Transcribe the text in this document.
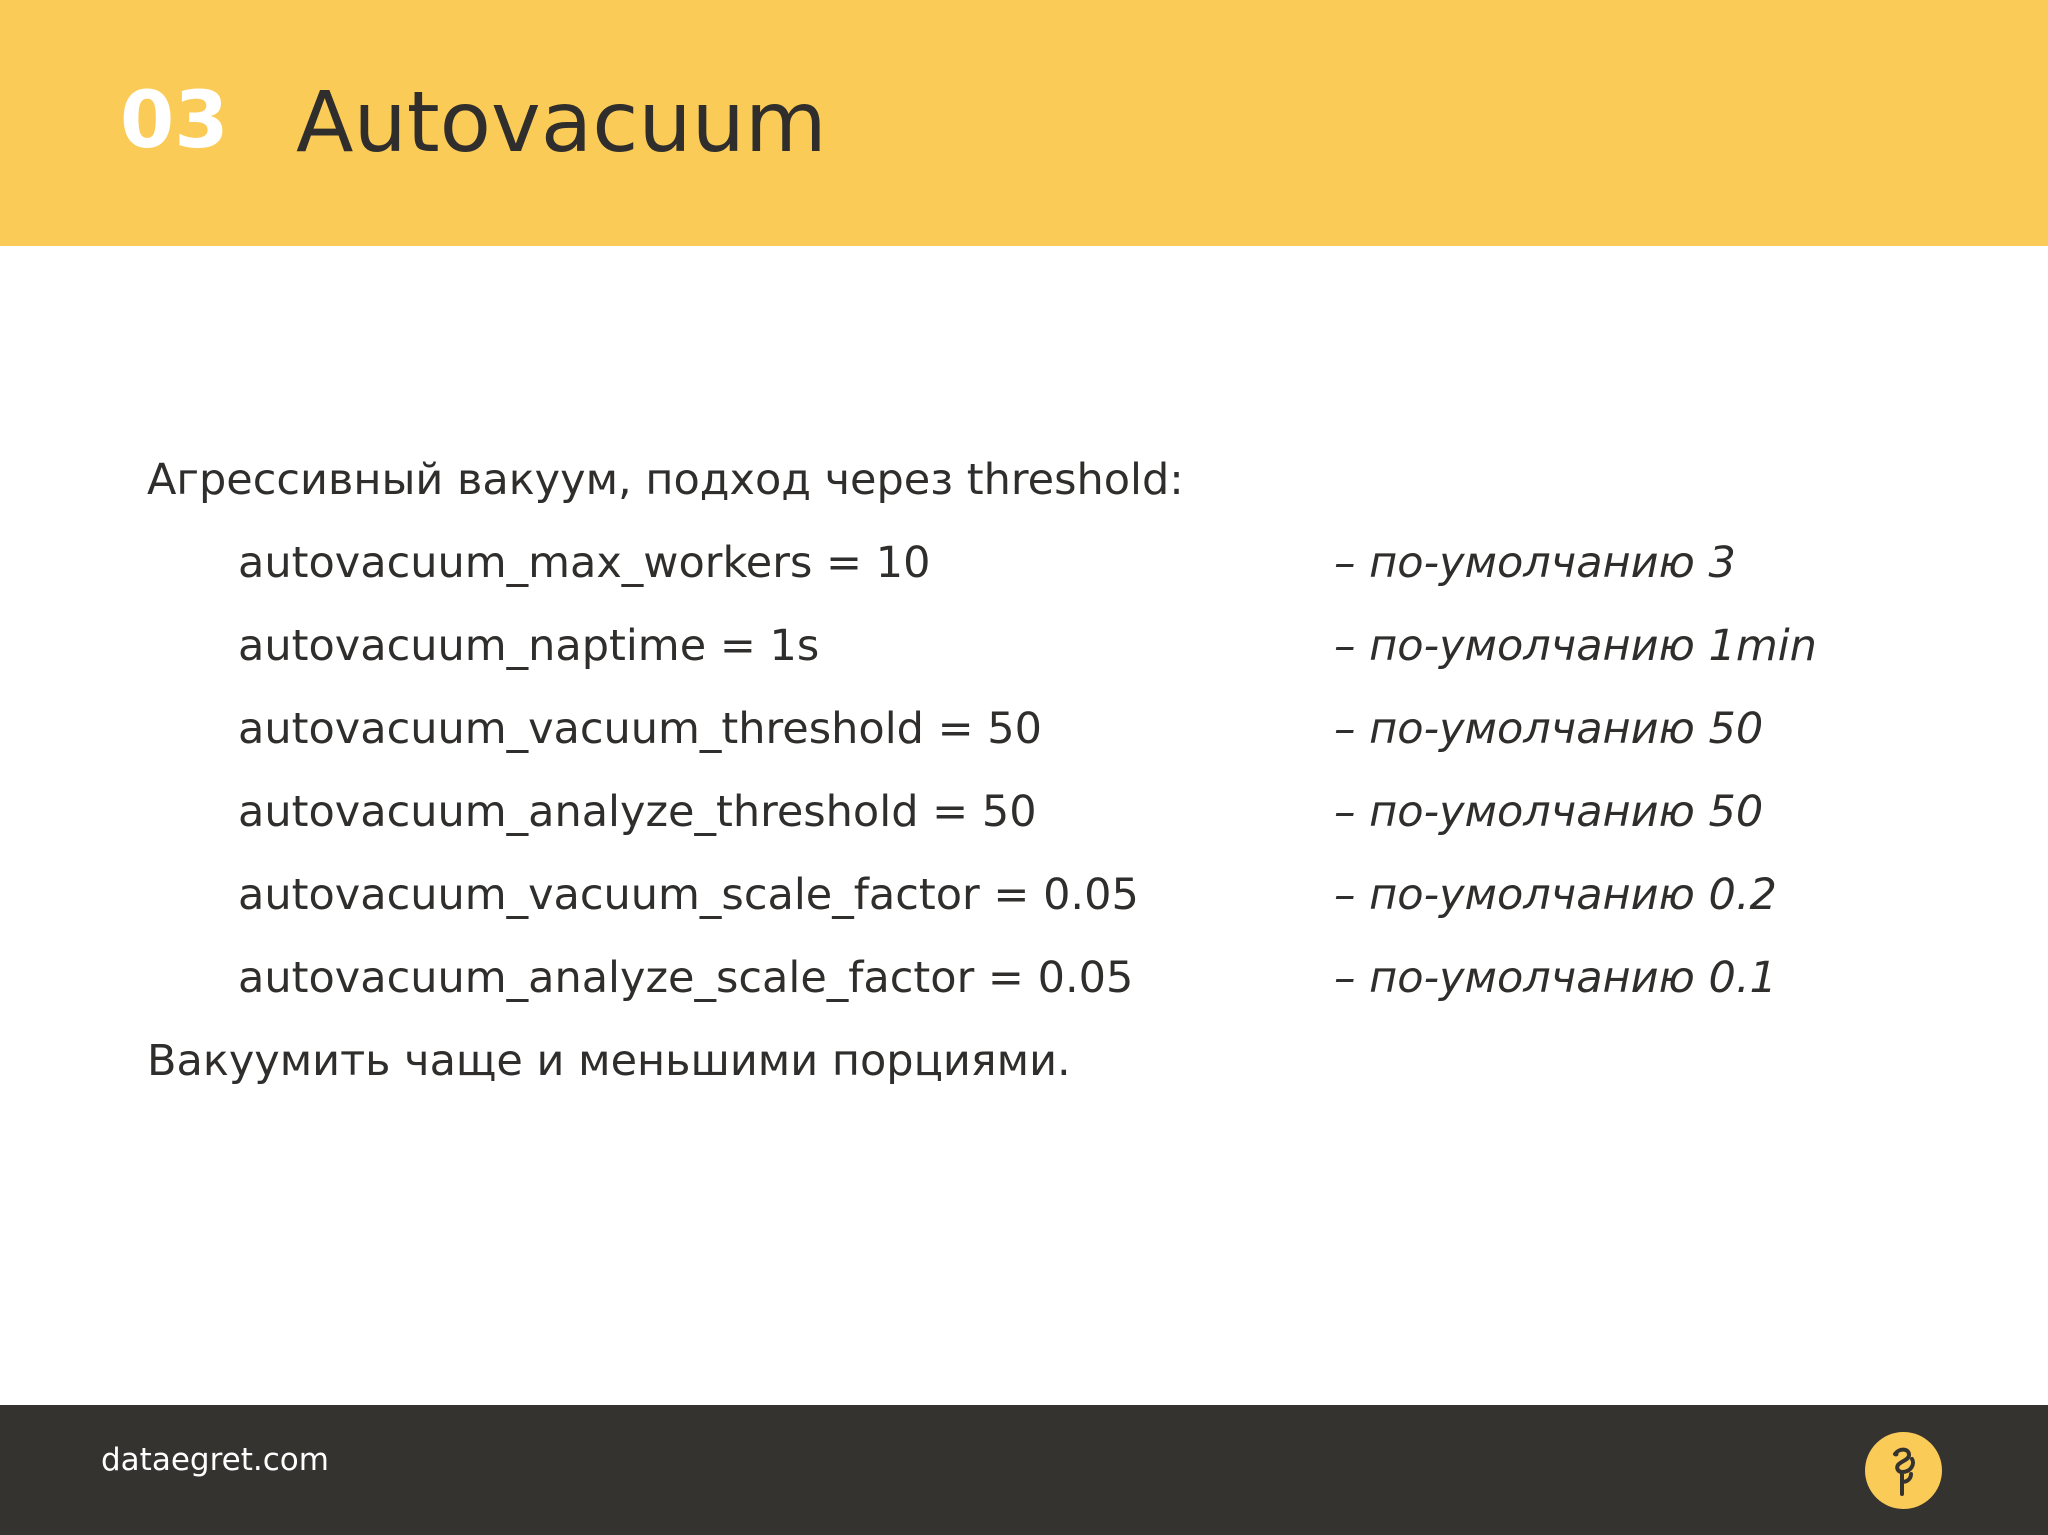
03 Autovacuum
Агрессивный вакуум, подход через threshold:
autovacuum_max_workers = 10	– по-умолчанию 3
autovacuum_naptime = 1s	– по-умолчанию 1min
autovacuum_vacuum_threshold = 50	– по-умолчанию 50
autovacuum_analyze_threshold = 50	– по-умолчанию 50
autovacuum_vacuum_scale_factor = 0.05	– по-умолчанию 0.2
autovacuum_analyze_scale_factor = 0.05	– по-умолчанию 0.1
Вакуумить чаще и меньшими порциями.
dataegret.com
